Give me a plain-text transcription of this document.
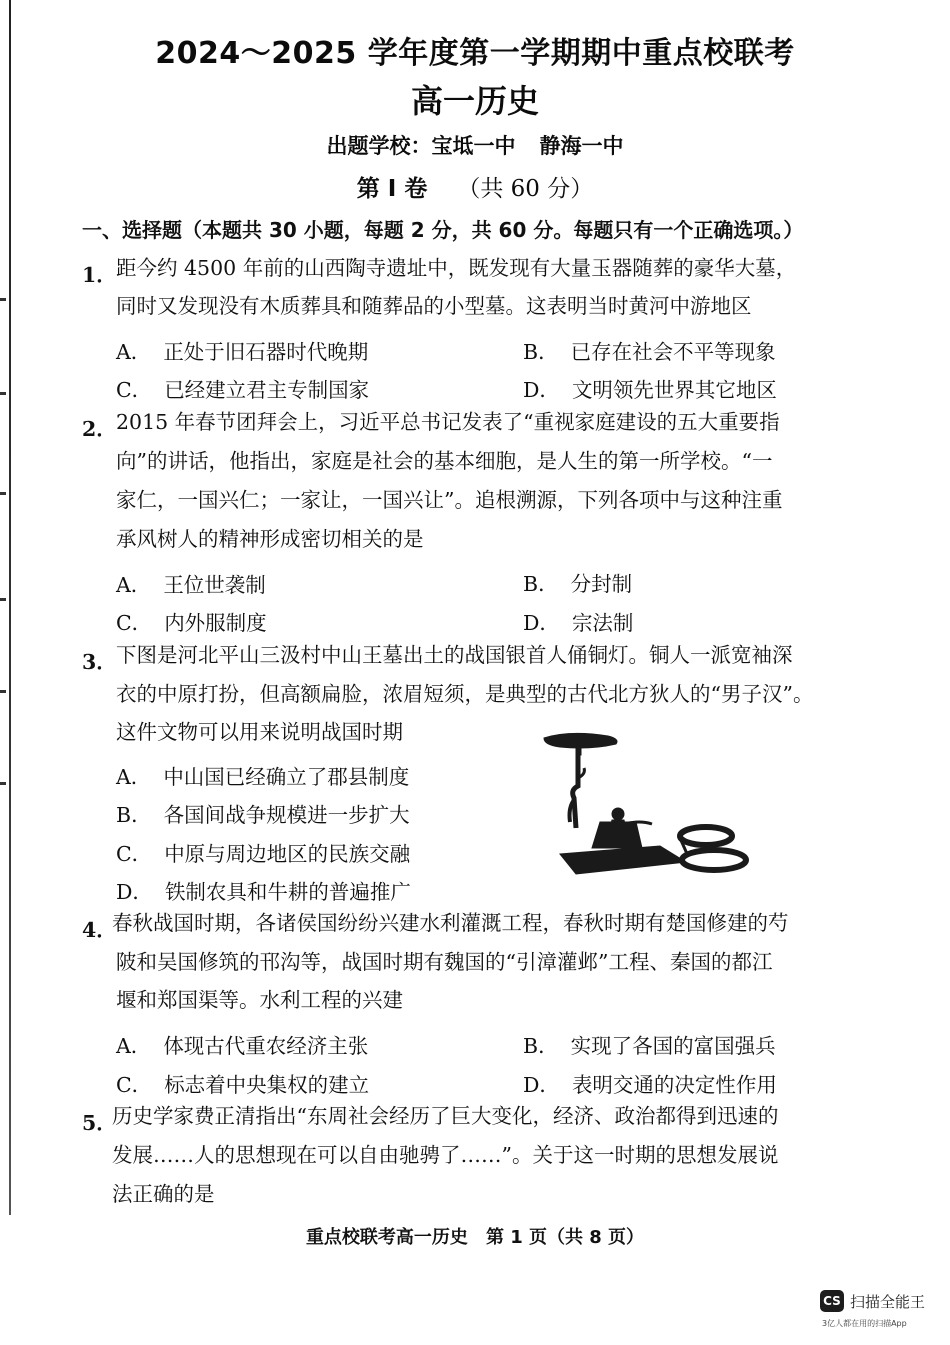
2024～2025 学年度第一学期期中重点校联考
高一历史
出题学校：宝坻一中 静海一中
第 Ⅰ 卷 （共 60 分）
一、选择题（本题共 30 小题，每题 2 分，共 60 分。每题只有一个正确选项。）
1． 距今约 4500 年前的山西陶寺遗址中，既发现有大量玉器随葬的豪华大墓，
同时又发现没有木质葬具和随葬品的小型墓。这表明当时黄河中游地区
A． 正处于旧石器时代晚期	B． 已存在社会不平等现象
C． 已经建立君主专制国家	D． 文明领先世界其它地区
2． 2015 年春节团拜会上，习近平总书记发表了“重视家庭建设的五大重要指
向”的讲话，他指出，家庭是社会的基本细胞，是人生的第一所学校。“一
家仁，一国兴仁；一家让，一国兴让”。追根溯源，下列各项中与这种注重
承风树人的精神形成密切相关的是
A． 王位世袭制	B． 分封制
C． 内外服制度	D． 宗法制
3． 下图是河北平山三汲村中山王墓出土的战国银首人俑铜灯。铜人一派宽袖深
衣的中原打扮，但高额扁脸，浓眉短须，是典型的古代北方狄人的“男子汉”。
这件文物可以用来说明战国时期
A． 中山国已经确立了郡县制度
B． 各国间战争规模进一步扩大
C． 中原与周边地区的民族交融
D． 铁制农具和牛耕的普遍推广
4．
春秋战国时期，各诸侯国纷纷兴建水利灌溉工程，春秋时期有楚国修建的芍
陂和吴国修筑的邗沟等，战国时期有魏国的“引漳灌邺”工程、秦国的都江
堰和郑国渠等。水利工程的兴建
A． 体现古代重农经济主张	B． 实现了各国的富国强兵
C． 标志着中央集权的建立	D． 表明交通的决定性作用
5．
历史学家费正清指出“东周社会经历了巨大变化，经济、政治都得到迅速的
发展……人的思想现在可以自由驰骋了……”。关于这一时期的思想发展说
法正确的是
重点校联考高一历史 第 1 页（共 8 页）
CS 扫描全能王
3亿人都在用的扫描App
